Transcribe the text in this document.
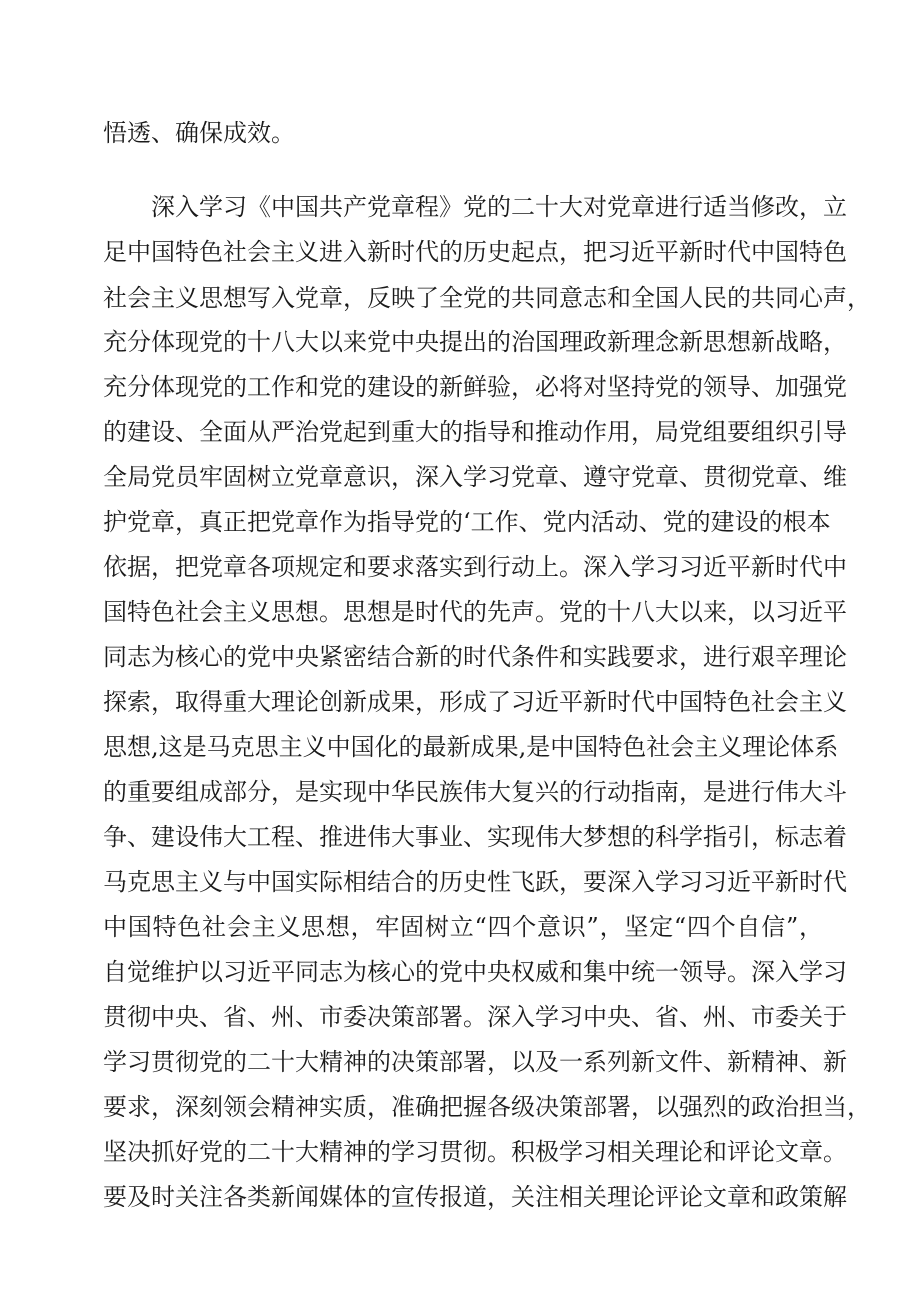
悟透、确保成效。
深入学习《中国共产党章程》党的二十大对党章进行适当修改，立
足中国特色社会主义进入新时代的历史起点，把习近平新时代中国特色
社会主义思想写入党章，反映了全党的共同意志和全国人民的共同心声，
充分体现党的十八大以来党中央提出的治国理政新理念新思想新战略，
充分体现党的工作和党的建设的新鲜验，必将对坚持党的领导、加强党
的建设、全面从严治党起到重大的指导和推动作用，局党组要组织引导
全局党员牢固树立党章意识，深入学习党章、遵守党章、贯彻党章、维
护党章，真正把党章作为指导党的‘工作、党内活动、党的建设的根本
依据，把党章各项规定和要求落实到行动上。深入学习习近平新时代中
国特色社会主义思想。思想是时代的先声。党的十八大以来，以习近平
同志为核心的党中央紧密结合新的时代条件和实践要求，进行艰辛理论
探索，取得重大理论创新成果，形成了习近平新时代中国特色社会主义
思想,这是马克思主义中国化的最新成果,是中国特色社会主义理论体系
的重要组成部分，是实现中华民族伟大复兴的行动指南，是进行伟大斗
争、建设伟大工程、推进伟大事业、实现伟大梦想的科学指引，标志着
马克思主义与中国实际相结合的历史性飞跃，要深入学习习近平新时代
中国特色社会主义思想，牢固树立“四个意识”，坚定“四个自信”，
自觉维护以习近平同志为核心的党中央权威和集中统一领导。深入学习
贯彻中央、省、州、市委决策部署。深入学习中央、省、州、市委关于
学习贯彻党的二十大精神的决策部署，以及一系列新文件、新精神、新
要求，深刻领会精神实质，准确把握各级决策部署，以强烈的政治担当，
坚决抓好党的二十大精神的学习贯彻。积极学习相关理论和评论文章。
要及时关注各类新闻媒体的宣传报道，关注相关理论评论文章和政策解
